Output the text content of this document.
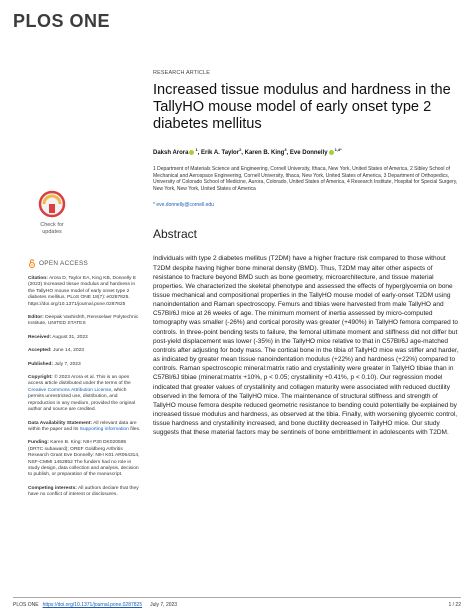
PLOS ONE
Check for
updates
OPEN ACCESS

Citation: Arora D, Taylor EA, King KB, Donnelly E (2023) Increased tissue modulus and hardness in the TallyHO mouse model of early onset type 2 diabetes mellitus. PLoS ONE 18(7): e0287825. https://doi.org/10.1371/journal.pone.0287825

Editor: Deepak Vashishth, Rensselaer Polytechnic Institute, UNITED STATES

Received: August 31, 2022

Accepted: June 14, 2023

Published: July 7, 2023

Copyright: © 2023 Arora et al. This is an open access article distributed under the terms of the Creative Commons Attribution License, which permits unrestricted use, distribution, and reproduction in any medium, provided the original author and source are credited.

Data Availability Statement: All relevant data are within the paper and its Supporting information files.

Funding: Karen B. King: NIH P30 DK020595 (DRTC subaward); OREF Goldberg Arthritis Research Grant Eve Donnelly: NIH K01 AR064314, NSF-CMMI 1452852 The funders had no role in study design, data collection and analysis, decision to publish, or preparation of the manuscript.

Competing interests: All authors declare that they have no conflict of interest or disclosures.

RESEARCH ARTICLE
Increased tissue modulus and hardness in the TallyHO mouse model of early onset type 2 diabetes mellitus
Daksh Arora$^1$, Erik A. Taylor$^2$, Karen B. King$^3$, Eve Donnelly$^{1,4*}$
1 Department of Materials Science and Engineering, Cornell University, Ithaca, New York, United States of America, 2 Sibley School of Mechanical and Aerospace Engineering, Cornell University, Ithaca, New York, United States of America, 3 Department of Orthopedics, University of Colorado School of Medicine, Aurora, Colorado, United States of America, 4 Research Institute, Hospital for Special Surgery, New York, New York, United States of America
* eve.donnelly@cornell.edu
Abstract
Individuals with type 2 diabetes mellitus (T2DM) have a higher fracture risk compared to those without T2DM despite having higher bone mineral density (BMD). Thus, T2DM may alter other aspects of resistance to fracture beyond BMD such as bone geometry, microarchitecture, and tissue material properties. We characterized the skeletal phenotype and assessed the effects of hyperglycemia on bone tissue mechanical and compositional properties in the TallyHO mouse model of early-onset T2DM using nanoindentation and Raman spectroscopy. Femurs and tibias were harvested from male TallyHO and C57Bl/6J mice at 26 weeks of age. The minimum moment of inertia assessed by micro-computed tomography was smaller (-26%) and cortical porosity was greater (+490%) in TallyHO femora compared to controls. In three-point bending tests to failure, the femoral ultimate moment and stiffness did not differ but post-yield displacement was lower (-35%) in the TallyHO mice relative to that in C57Bl/6J age-matched controls after adjusting for body mass. The cortical bone in the tibia of TallyHO mice was stiffer and harder, as indicated by greater mean tissue nanoindentation modulus (+22%) and hardness (+22%) compared to controls. Raman spectroscopic mineral:matrix ratio and crystallinity were greater in TallyHO tibiae than in C57Bl/6J tibiae (mineral:matrix +10%, p < 0.05; crystallinity +0.41%, p < 0.10). Our regression model indicated that greater values of crystallinity and collagen maturity were associated with reduced ductility observed in the femora of the TallyHO mice. The maintenance of structural stiffness and strength of TallyHO mouse femora despite reduced geometric resistance to bending could potentially be explained by increased tissue modulus and hardness, as observed at the tibia. Finally, with worsening glycemic control, tissue hardness and crystallinity increased, and bone ductility decreased in TallyHO mice. Our study suggests that these material factors may be sentinels of bone embrittlement in adolescents with T2DM.
PLOS ONE https://doi.org/10.1371/journal.pone.0287825 July 7, 2023	1 / 22
